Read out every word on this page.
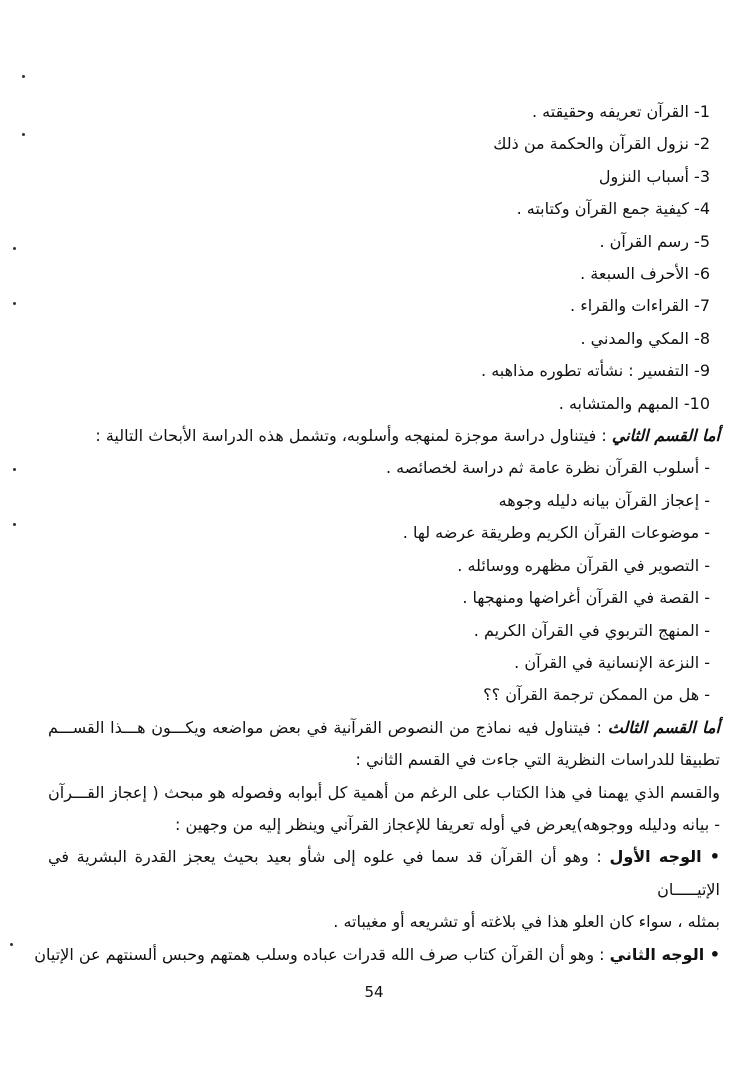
1- القرآن تعريفه وحقيقته .
2- نزول القرآن والحكمة من ذلك
3- أسباب النزول
4- كيفية جمع القرآن وكتابته .
5- رسم القرآن .
6- الأحرف السبعة .
7- القراءات والقراء .
8- المكي والمدني .
9- التفسير : نشأته تطوره مذاهبه .
10- المبهم والمتشابه .
أما القسم الثاني : فيتناول دراسة موجزة لمنهجه وأسلوبه، وتشمل هذه الدراسة الأبحاث التالية :
- أسلوب القرآن نظرة عامة ثم دراسة لخصائصه .
- إعجاز القرآن بيانه دليله وجوهه
- موضوعات القرآن الكريم وطريقة عرضه لها .
- التصوير في القرآن مظهره ووسائله .
- القصة في القرآن أغراضها ومنهجها .
- المنهج التربوي في القرآن الكريم .
- النزعة الإنسانية في القرآن .
- هل من الممكن ترجمة القرآن ؟؟
أما القسم الثالث : فيتناول فيه نماذج من النصوص القرآنية في بعض مواضعه ويكـــون هـــذا القســـم
تطبيقا للدراسات النظرية التي جاءت في القسم الثاني :
والقسم الذي يهمنا في هذا الكتاب على الرغم من أهمية كل أبوابه وفصوله هو مبحث ( إعجاز القـــرآن
- بيانه ودليله ووجوهه)يعرض في أوله تعريفا للإعجاز القرآني وينظر إليه من وجهين :
• الوجه الأول : وهو أن القرآن قد سما في علوه إلى شأو بعيد بحيث يعجز القدرة البشرية في الإتيـــــان
بمثله ، سواء كان العلو هذا في بلاغته أو تشريعه أو مغيباته .
• الوجه الثاني : وهو أن القرآن كتاب صرف الله قدرات عباده وسلب همتهم وحبس ألسنتهم عن الإتيان
54
